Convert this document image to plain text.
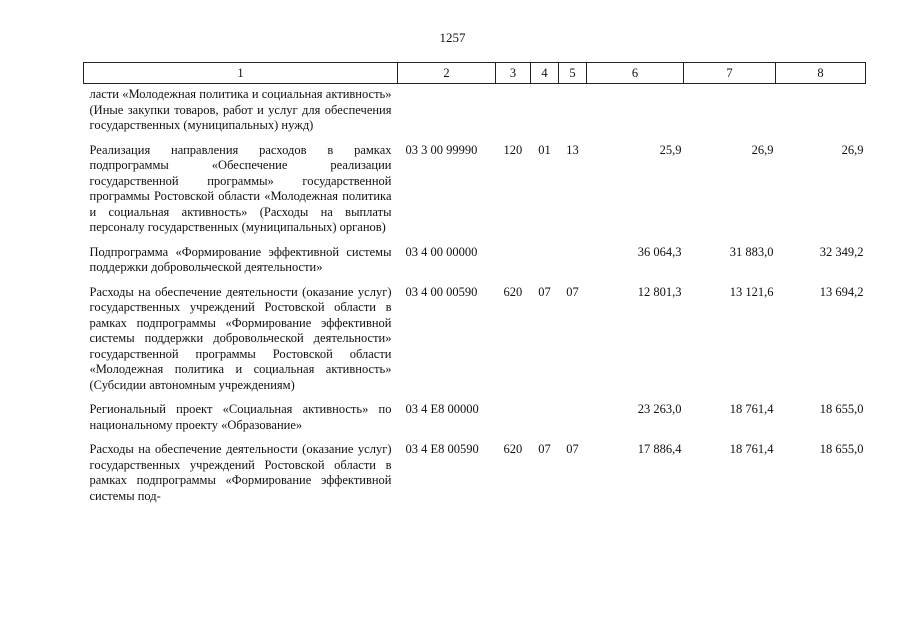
1257
1	2	3	4	5	6	7	8
ласти «Молодежная политика и социальная активность» (Иные закупки товаров, работ и услуг для обеспечения государственных (муниципальных) нужд)							
Реализация направления расходов в рамках подпрограммы «Обеспечение реализации государственной программы» государственной программы Ростовской области «Молодежная политика и социальная активность» (Расходы на выплаты персоналу государственных (муниципальных) органов)	03 3 00 99990	120	01	13	25,9	26,9	26,9
Подпрограмма «Формирование эффективной системы поддержки добровольческой деятельности»	03 4 00 00000				36 064,3	31 883,0	32 349,2
Расходы на обеспечение деятельности (оказание услуг) государственных учреждений Ростовской области в рамках подпрограммы «Формирование эффективной системы поддержки добровольческой деятельности» государственной программы Ростовской области «Молодежная политика и социальная активность» (Субсидии автономным учреждениям)	03 4 00 00590	620	07	07	12 801,3	13 121,6	13 694,2
Региональный проект «Социальная активность» по национальному проекту «Образование»	03 4 E8 00000				23 263,0	18 761,4	18 655,0
Расходы на обеспечение деятельности (оказание услуг) государственных учреждений Ростовской области в рамках подпрограммы «Формирование эффективной системы под-	03 4 E8 00590	620	07	07	17 886,4	18 761,4	18 655,0
